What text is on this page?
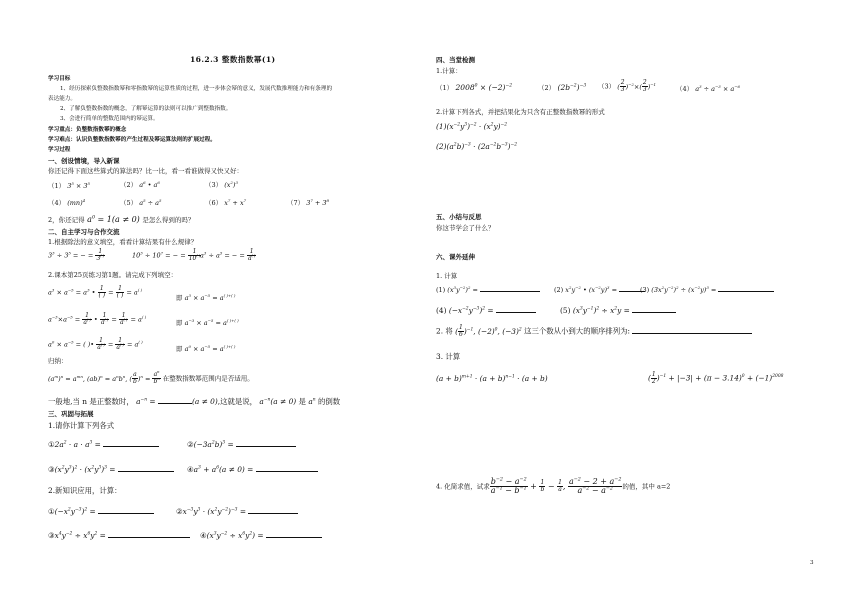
16.2.3 整数指数幂(1)
学习目标
1、经历探索负整数指数幂和零指数幂的运算性质的过程，进一步体会幂的意义，发展代数推理能力和有条理的
表达能力。
2、了解负整数指数的概念，了解幂运算的法则可以推广到整数指数。
3、会进行简单的整数范围内的幂运算。
学习重点：负整数指数幂的概念
学习难点：认识负整数指数幂的产生过程及幂运算法则的扩展过程。
学习过程
一、创设情境，导入新课
你还记得下面这些算式的算法吗？比一比，看一看谁做得又快又好：
（1） $3^5 \times 3^5$	（2） $a^6$ • $a^6$	（3） $(x^2)^3$
（4） (mn)$^4$	（5） $a^5 \div a^5$	（6） $x^7 + x^7$	（7） $3^7 + 3^8$
2，你还记得 $a^0 = 1(a \ne 0)$ 是怎么得到的吗？
二、自主学习与合作交流
1.根据除法的意义填空，看看计算结果有什么规律？
$3^3 \div 3^5$ = − = $\frac{1}{3^{( )}}$	$10^3 \div 10^7$ = − = $\frac{1}{10^{( )}}$
$a^3 \div a^5$ = − = $\frac{1}{a^{( )}}$
2.课本第25页练习第1题。请完成下列填空：
$a^3 \times a^{-5} = a^3$ • $\frac{1}{( )} = \frac{1}{( )} = a^{( )}$
即 $a^3 \times a^{-5} = a^{( )+( )}$
$a^{-3}\times a^{-5} = \frac{1}{a^{( )}}$ • $\frac{1}{a^{( )}} = \frac{1}{a^{( )}} = a^{( )}$
即 $a^{-3} \times a^{-5} = a^{( )+( )}$
$a^0 \times a^{-5}$ = ( )• $\frac{1}{a^{( )}} = \frac{1}{a^{( )}} = a^{( )}$
即 $a^0 \times a^{-5} = a^{( )+( )}$
归纳：
$(a^m)^n = a^{mn}$, $(ab)^n = a^nb^n$, ( $\frac{a}{b} )^n = \frac{a^n}{b^n}$ 在整数指数幂范围内是否适用。
一般地,当 n 是正整数时， $a^{-n}$ =	(a ≠ 0),这就是说， $a^{-n}(a \ne 0)$ 是 $a^n$ 的倒数
三、巩固与拓展
1.请你计算下列各式
$①2a^2 \cdot a \cdot a^3$ =	$②(-3a^2b)^3$ =
$③(x^2y^3)^2 \cdot (x^2y^3)^3$ =	$④a^3 + a^6(a \ne 0)$ =
2.新知识应用，计算：
$①(-x^2y^{-3})^2$ =	$②x^{-3}y^3 \cdot (x^2y^{-2})^{-3}$ =
$③x^4y^{-2} \div x^6y^2$ =	$④(x^3y^{-2} \div x^6y^2)$ =
四、当堂检测
1.计算：
（1） $2008^0 \times (-2)^{-2}$	（2） $(2b^{-2})^{-3}$ （3） ( $\frac{2}{3} )^{-2}\times( \frac{2}{3} )^{-1}$
（4） $a^3 \div a^{-3} \times a^{-6}$
2.计算下列各式，并把结果化为只含有正整数指数幂的形式
$(1)(x^{-2}y^3)^{-2} \cdot (x^2y)^{-2}$
$(2)(a^2b)^{-3} \cdot (2a^{-2}b^{-3})^{-2}$
五、小结与反思
你这节学会了什么？
六、课外延伸
1. 计算
(1) $(x^3y^{-2})^2$ =	(2) $x^2y^{-2}$ • $(x^{-2}y)^3$ =	(3) $(3x^2y^{-2})^2 \div (x^{-2}y)^3$ =
(4) $(-x^{-2}y^{-3})^2$ =	(5) $(x^3y^{-1})^2 \div x^2y$ =
2. 将 ( $\frac{1}{6} )^{-1}$, $(-2)^0$, $(-3)^2$ 这三个数从小到大的顺序排列为:
3. 计算
$(a + b)^{m+1} \cdot (a + b)^{n-1} \cdot (a + b)$	( $\frac{1}{2} )^{-1} + |-3| + (\pi - 3.14)^0 + (-1)^{2008}$
4. 化简求值，试求 $\frac{b^{-2} - a^{-2}}{a^{-1} - b^{-1}} + \frac{1}{b} - \frac{1}{a}$ , $\frac{a^{-2} - 2 + a^{-2}}{a^{-2} - a^{-2}}$ 的值，其中 a=2
3
